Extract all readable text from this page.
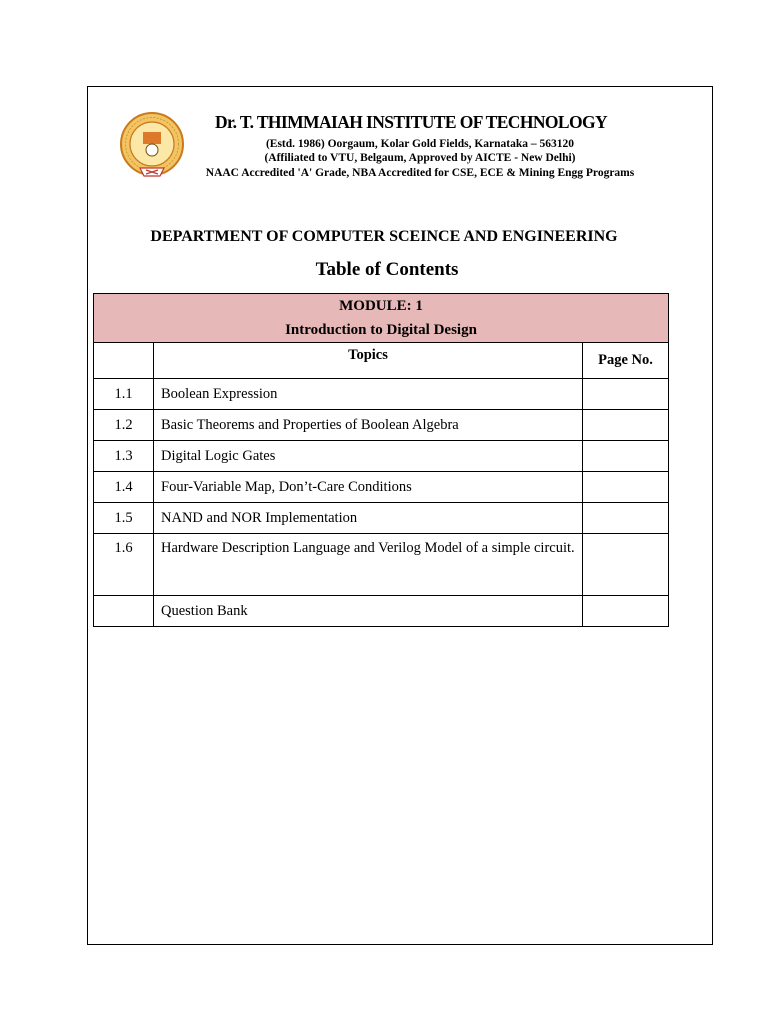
Dr. T. THIMMAIAH INSTITUTE OF TECHNOLOGY
(Estd. 1986) Oorgaum, Kolar Gold Fields, Karnataka – 563120
(Affiliated to VTU, Belgaum, Approved by AICTE - New Delhi)
NAAC Accredited 'A' Grade, NBA Accredited for CSE, ECE & Mining Engg Programs
DEPARTMENT OF COMPUTER SCEINCE AND ENGINEERING
Table of Contents
MODULE: 1
Introduction to Digital Design		

	Topics	Page No.
1.1	Boolean Expression	
1.2	Basic Theorems and Properties of Boolean Algebra	
1.3	Digital Logic Gates	
1.4	Four-Variable Map, Don’t-Care Conditions	
1.5	NAND and NOR Implementation	
1.6	Hardware Description Language and Verilog Model of a simple circuit.	
	Question Bank	
